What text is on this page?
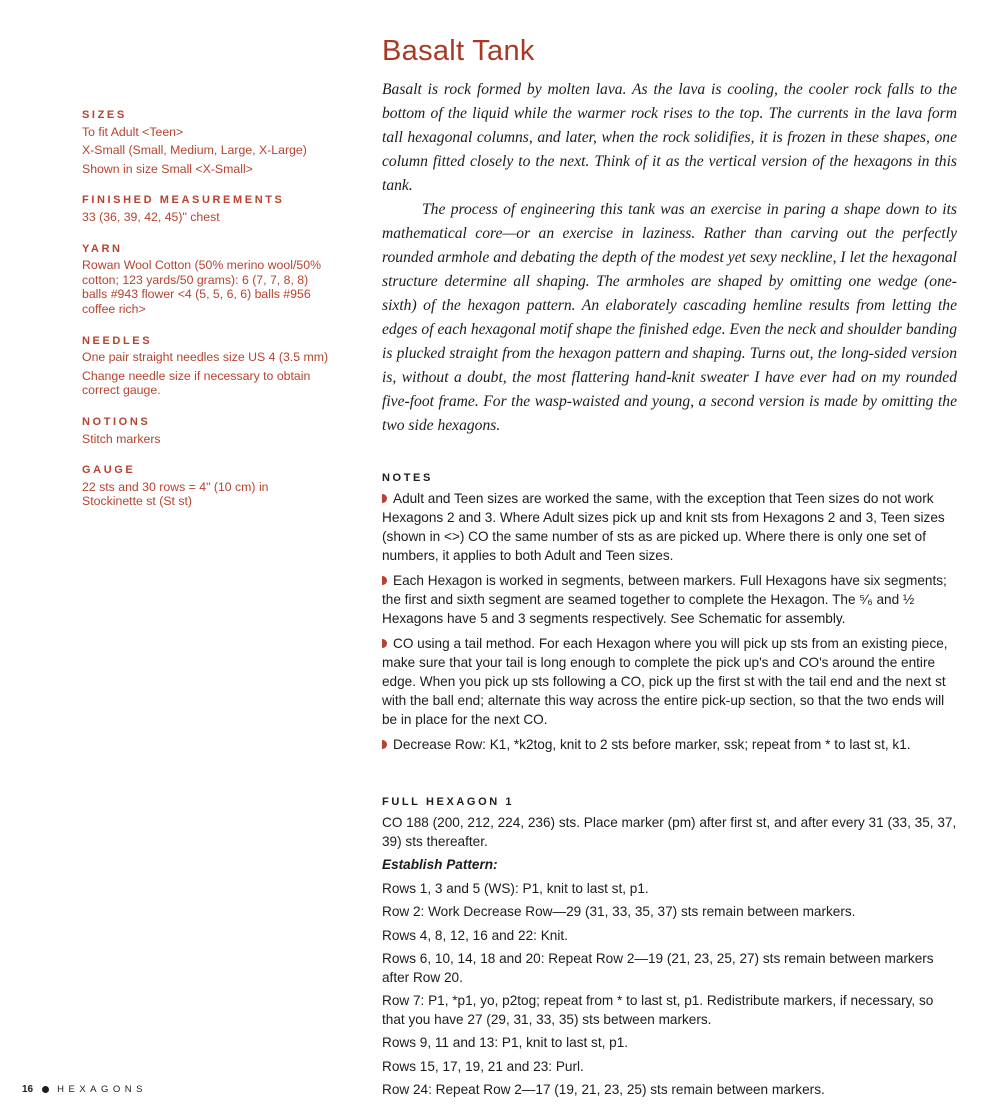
SIZES
To fit Adult <Teen>
X-Small (Small, Medium, Large, X-Large)
Shown in size Small <X-Small>
FINISHED MEASUREMENTS
33 (36, 39, 42, 45)" chest
YARN
Rowan Wool Cotton (50% merino wool/50% cotton; 123 yards/50 grams): 6 (7, 7, 8, 8) balls #943 flower <4 (5, 5, 6, 6) balls #956 coffee rich>
NEEDLES
One pair straight needles size US 4 (3.5 mm)
Change needle size if necessary to obtain correct gauge.
NOTIONS
Stitch markers
GAUGE
22 sts and 30 rows = 4" (10 cm) in Stockinette st (St st)
Basalt Tank

Basalt is rock formed by molten lava. As the lava is cooling, the cooler rock falls to the bottom of the liquid while the warmer rock rises to the top. The currents in the lava form tall hexagonal columns, and later, when the rock solidifies, it is frozen in these shapes, one column fitted closely to the next. Think of it as the vertical version of the hexagons in this tank.

The process of engineering this tank was an exercise in paring a shape down to its mathematical core—or an exercise in laziness. Rather than carving out the perfectly rounded armhole and debating the depth of the modest yet sexy neckline, I let the hexagonal structure determine all shaping. The armholes are shaped by omitting one wedge (one-sixth) of the hexagon pattern. An elaborately cascading hemline results from letting the edges of each hexagonal motif shape the finished edge. Even the neck and shoulder banding is plucked straight from the hexagon pattern and shaping. Turns out, the long-sided version is, without a doubt, the most flattering hand-knit sweater I have ever had on my rounded five-foot frame. For the wasp-waisted and young, a second version is made by omitting the two side hexagons.

NOTES
Adult and Teen sizes are worked the same, with the exception that Teen sizes do not work Hexagons 2 and 3. Where Adult sizes pick up and knit sts from Hexagons 2 and 3, Teen sizes (shown in <>) CO the same number of sts as are picked up. Where there is only one set of numbers, it applies to both Adult and Teen sizes.
Each Hexagon is worked in segments, between markers. Full Hexagons have six segments; the first and sixth segment are seamed together to complete the Hexagon. The ⁵⁄₆ and ½ Hexagons have 5 and 3 segments respectively. See Schematic for assembly.
CO using a tail method. For each Hexagon where you will pick up sts from an existing piece, make sure that your tail is long enough to complete the pick up's and CO's around the entire edge. When you pick up sts following a CO, pick up the first st with the tail end and the next st with the ball end; alternate this way across the entire pick-up section, so that the two ends will be in place for the next CO.
Decrease Row: K1, *k2tog, knit to 2 sts before marker, ssk; repeat from * to last st, k1.
FULL HEXAGON 1
CO 188 (200, 212, 224, 236) sts. Place marker (pm) after first st, and after every 31 (33, 35, 37, 39) sts thereafter.
Establish Pattern:
Rows 1, 3 and 5 (WS): P1, knit to last st, p1.
Row 2: Work Decrease Row—29 (31, 33, 35, 37) sts remain between markers.
Rows 4, 8, 12, 16 and 22: Knit.
Rows 6, 10, 14, 18 and 20: Repeat Row 2—19 (21, 23, 25, 27) sts remain between markers after Row 20.
Row 7: P1, *p1, yo, p2tog; repeat from * to last st, p1. Redistribute markers, if necessary, so that you have 27 (29, 31, 33, 35) sts between markers.
Rows 9, 11 and 13: P1, knit to last st, p1.
Rows 15, 17, 19, 21 and 23: Purl.
Row 24: Repeat Row 2—17 (19, 21, 23, 25) sts remain between markers.
16	HEXAGONS
